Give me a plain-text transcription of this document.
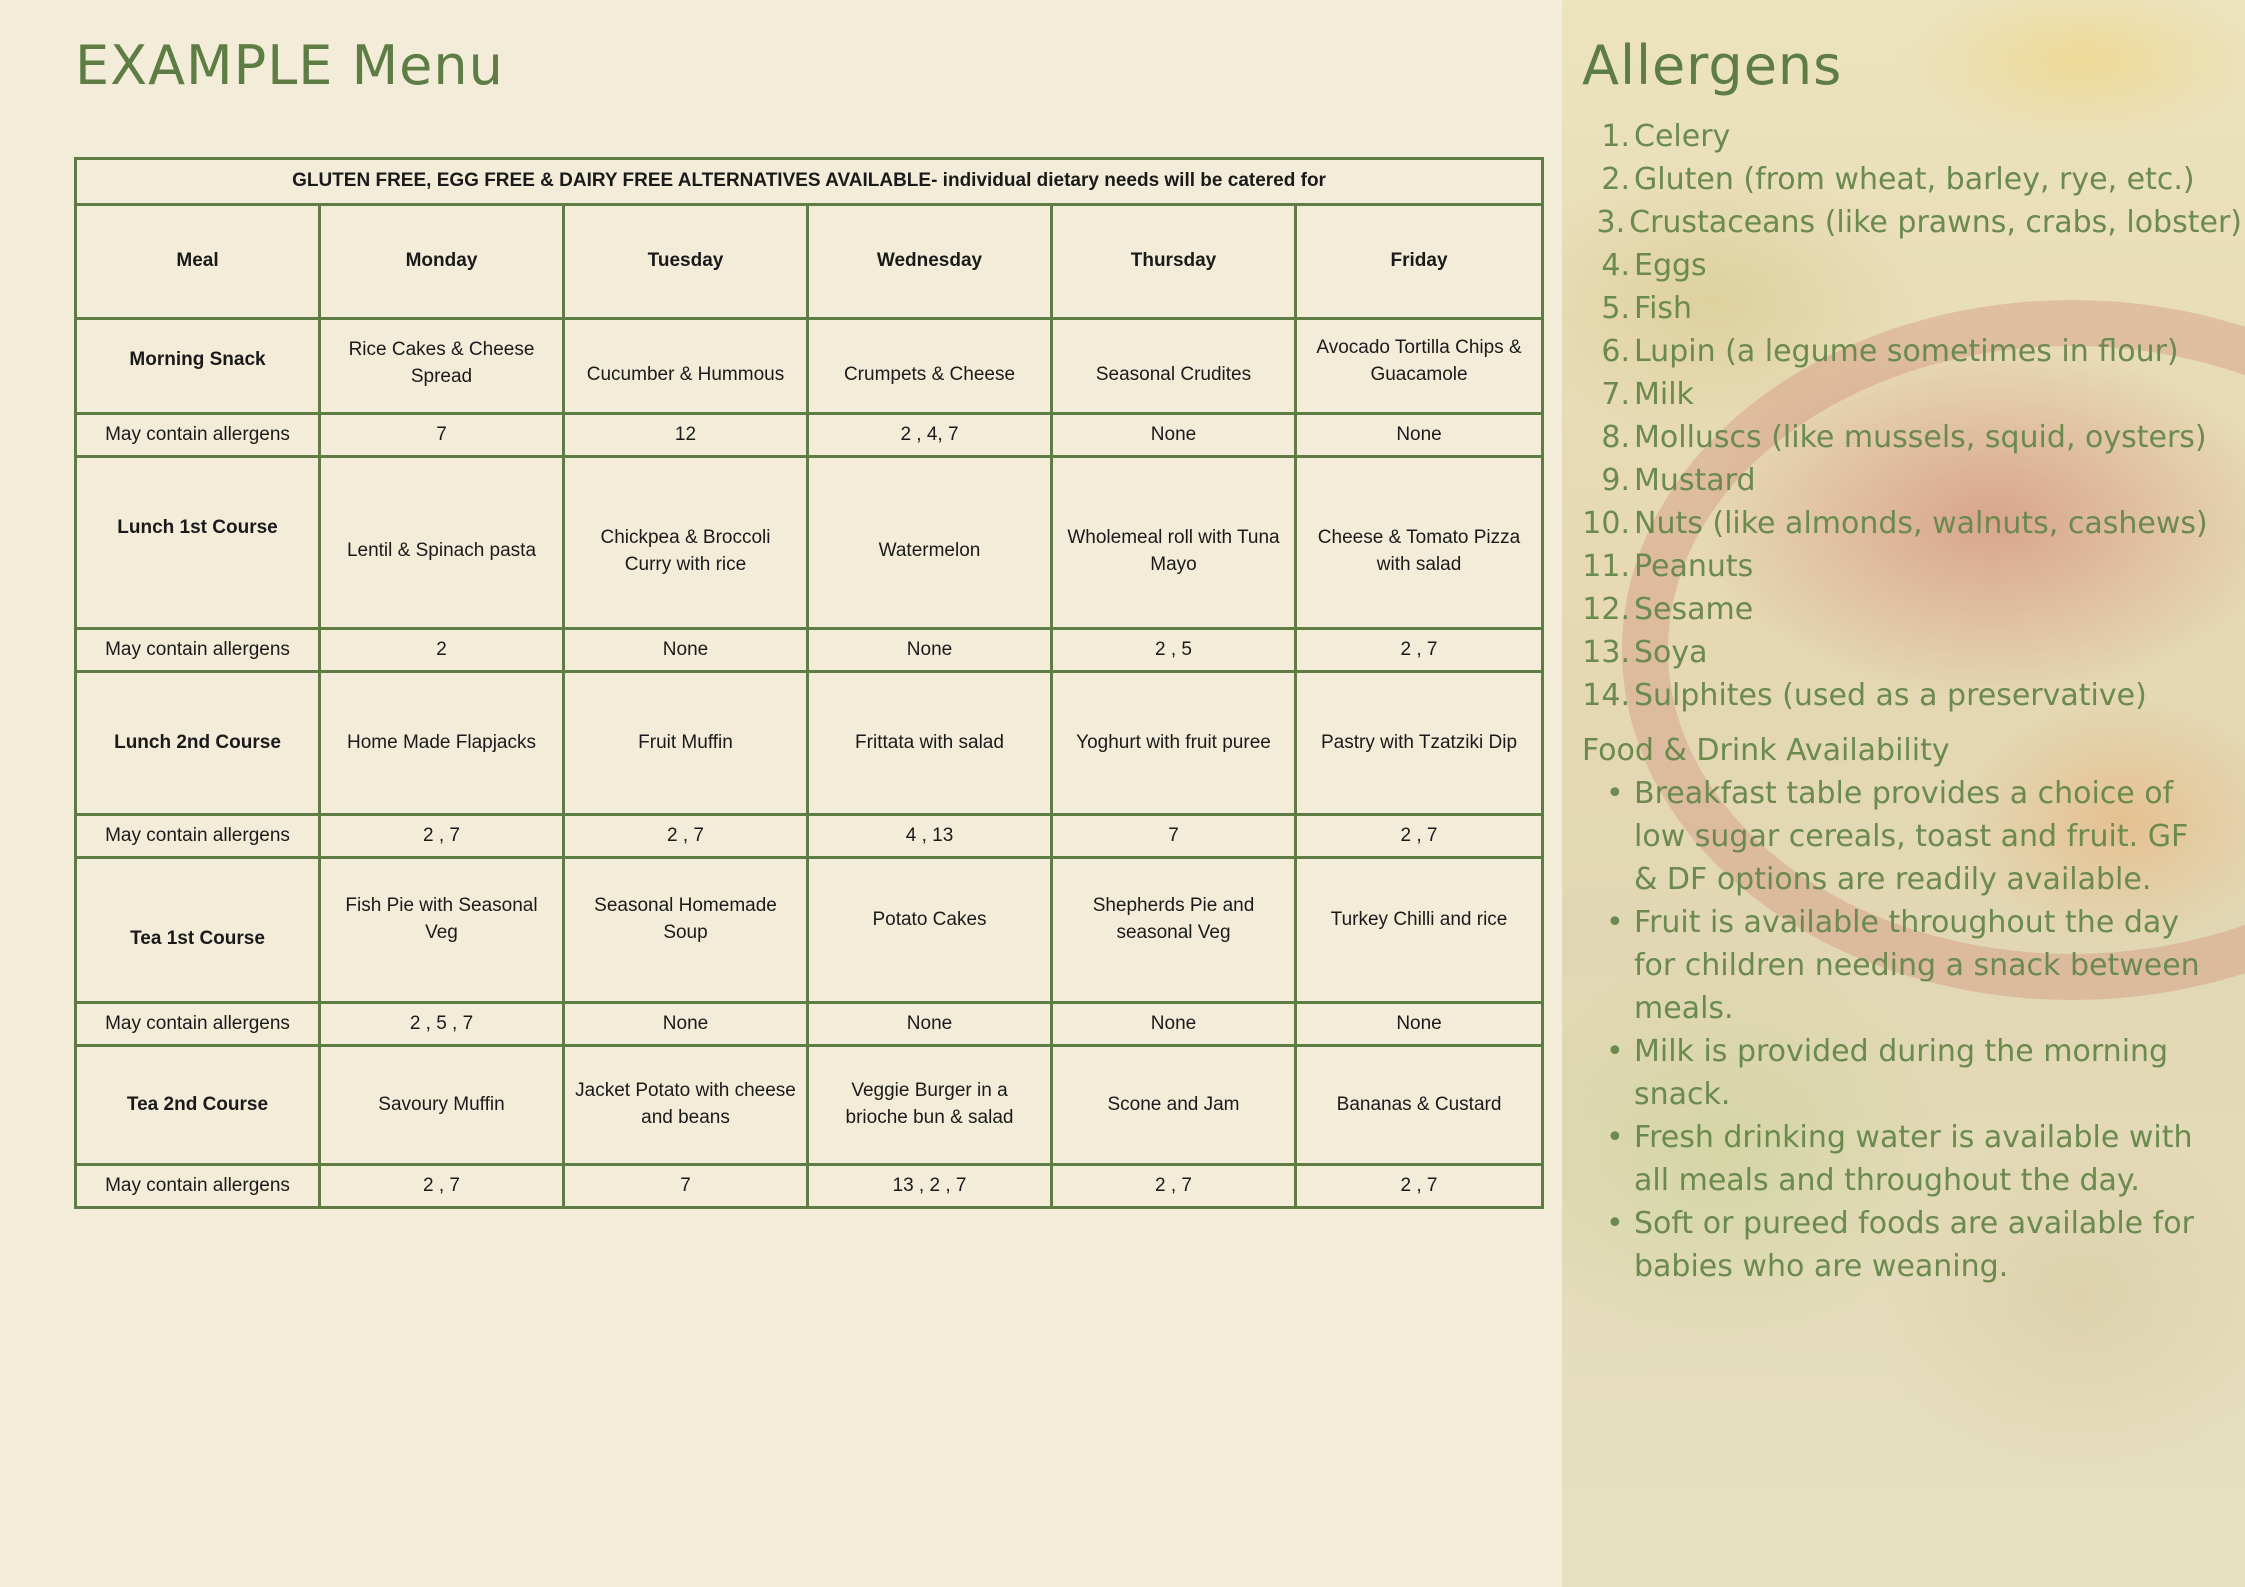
EXAMPLE Menu
GLUTEN FREE, EGG FREE & DAIRY FREE ALTERNATIVES AVAILABLE- individual dietary needs will be catered for					
Meal	Monday	Tuesday	Wednesday	Thursday	Friday
Morning Snack	Rice Cakes & Cheese Spread	Cucumber & Hummous	Crumpets & Cheese	Seasonal Crudites	Avocado Tortilla Chips & Guacamole
May contain allergens	7	12	2 , 4, 7	None	None
Lunch 1st Course	Lentil & Spinach pasta	Chickpea & Broccoli Curry with rice	Watermelon	Wholemeal roll with Tuna Mayo	Cheese & Tomato Pizza with salad
May contain allergens	2	None	None	2 , 5	2 , 7
Lunch 2nd Course	Home Made Flapjacks	Fruit Muffin	Frittata with salad	Yoghurt with fruit puree	Pastry with Tzatziki Dip
May contain allergens	2 , 7	2 , 7	4 , 13	7	2 , 7
Tea 1st Course	Fish Pie with Seasonal Veg	Seasonal Homemade Soup	Potato Cakes	Shepherds Pie and seasonal Veg	Turkey Chilli and rice
May contain allergens	2 , 5 , 7	None	None	None	None
Tea 2nd Course	Savoury Muffin	Jacket Potato with cheese and beans	Veggie Burger in a brioche bun & salad	Scone and Jam	Bananas & Custard
May contain allergens	2 , 7	7	13 , 2 , 7	2 , 7	2 , 7
Allergens
1. Celery
2. Gluten (from wheat, barley, rye, etc.)
3. Crustaceans (like prawns, crabs, lobster)
4. Eggs
5. Fish
6. Lupin (a legume sometimes in flour)
7. Milk
8. Molluscs (like mussels, squid, oysters)
9. Mustard
10. Nuts (like almonds, walnuts, cashews)
11. Peanuts
12. Sesame
13. Soya
14. Sulphites (used as a preservative)
Food & Drink Availability
• Breakfast table provides a choice of low sugar cereals, toast and fruit. GF & DF options are readily available.
• Fruit is available throughout the day for children needing a snack between meals.
• Milk is provided during the morning snack.
• Fresh drinking water is available with all meals and throughout the day.
• Soft or pureed foods are available for babies who are weaning.
